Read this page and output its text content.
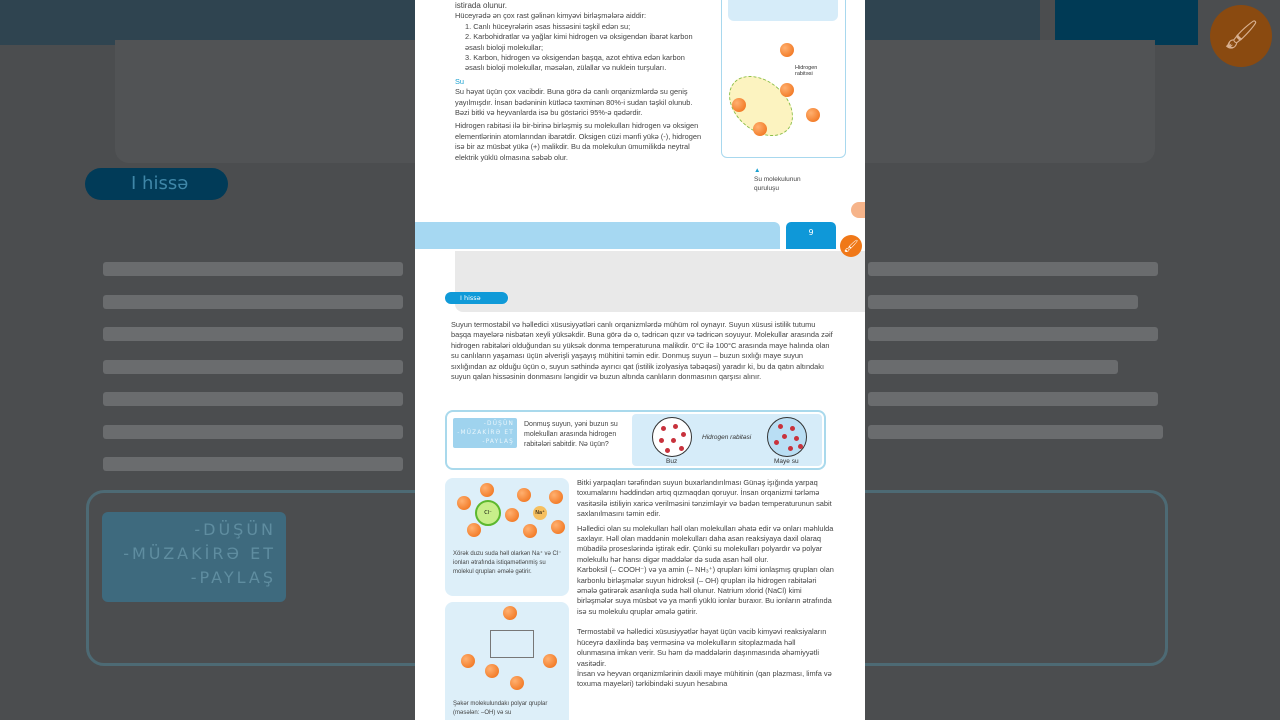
I hissə
-DÜŞÜN
-MÜZAKİRƏ ET
-PAYLAŞ
🖌
istirada olunur.
Hüceyrədə ən çox rast gəlinən kimyəvi birləşmələrə aiddir:
1. Canlı hüceyrələrin əsas hissəsini təşkil edən su;
2. Karbohidratlar və yağlar kimi hidrogen və oksigendən ibarət karbon əsaslı bioloji molekullar;
3. Karbon, hidrogen və oksigendən başqa, azot ehtiva edən karbon əsaslı bioloji molekullar, məsələn, zülallar və nuklein turşuları.
Su
Su həyat üçün çox vacibdir. Buna görə də canlı orqanizmlərdə su geniş yayılmışdır. İnsan bədəninin kütləcə təxminən 80%-i sudan təşkil olunub. Bəzi bitki və heyvanlarda isə bu göstərici 95%-ə qədərdir.
Hidrogen rabitəsi ilə bir-birinə birləşmiş su molekulları hidrogen və oksigen elementlərinin atomlarından ibarətdir. Oksigen cüzi mənfi yükə (-), hidrogen isə bir az müsbət yükə (+) malikdir. Bu da molekulun ümumilikdə neytral elektrik yüklü olmasına səbəb olur.
Hidrogen rabitəsi
▲
Su molekulunun quruluşu
9
I hissə
Suyun termostabil və həlledici xüsusiyyətləri canlı orqanizmlərdə mühüm rol oynayır. Suyun xüsusi istilik tutumu başqa mayelərə nisbətən xeyli yüksəkdir. Buna görə də o, tədricən qızır və tədricən soyuyur. Molekullar arasında zəif hidrogen rabitələri olduğundan su yüksək donma temperaturuna malikdir. 0°C ilə 100°C arasında maye halında olan su canlıların yaşaması üçün əlverişli yaşayış mühitini təmin edir. Donmuş suyun – buzun sıxlığı maye suyun sıxlığından az olduğu üçün o, suyun səthində ayırıcı qat (istilik izolyasiya təbəqəsi) yaradır ki, bu da qatın altındakı suyun qalan hissəsinin donmasını ləngidir və buzun altında canlıların donmasının qarşısı alınır.
-DÜŞÜN
-MÜZAKİRƏ ET
-PAYLAŞ
Donmuş suyun, yəni buzun su molekulları arasında hidrogen rabitələri sabitdir. Nə üçün?
Buz
Hidrogen rabitəsi
Maye su
Cl⁻	Na⁺
Xörək duzu suda həll olarkən Na⁺ və Cl⁻ ionları ətrafında istiqamətlənmiş su molekul qrupları əmələ gətirir.
Şəkər molekulundakı polyar qruplar (məsələn: –OH) və su
Bitki yarpaqları tərəfindən suyun buxarlandırılması Günəş işığında yarpaq toxumalarını həddindən artıq qızmaqdan qoruyur. İnsan orqanizmi tərləmə vasitəsilə istiliyin xaricə verilməsini tənzimləyir və bədən temperaturunun sabit saxlanılmasını təmin edir.
Həlledici olan su molekulları həll olan molekulları əhatə edir və onları məhlulda saxlayır. Həll olan maddənin molekulları daha asan reaksiyaya daxil olaraq mübadilə proseslərində iştirak edir. Çünki su molekulları polyardır və polyar molekullu hər hansı digər maddələr də suda asan həll olur.
Karboksil (– COOH⁻) və ya amin (– NH₃⁺) qrupları kimi ionlaşmış qrupları olan karbonlu birləşmələr suyun hidroksil (– OH) qrupları ilə hidrogen rabitələri əmələ gətirərək asanlıqla suda həll olunur. Natrium xlorid (NaCl) kimi birləşmələr suya müsbət və ya mənfi yüklü ionlar buraxır. Bu ionların ətrafında isə su molekulu qruplar əmələ gətirir.
Termostabil və həlledici xüsusiyyətlər həyat üçün vacib kimyəvi reaksiyaların hüceyrə daxilində baş verməsinə və molekulların sitoplazmada həll olunmasına imkan verir. Su həm də maddələrin daşınmasında əhəmiyyətli vasitədir.
İnsan və heyvan orqanizmlərinin daxili maye mühitinin (qan plazması, limfa və toxuma mayeləri) tərkibindəki suyun hesabına
🖌
